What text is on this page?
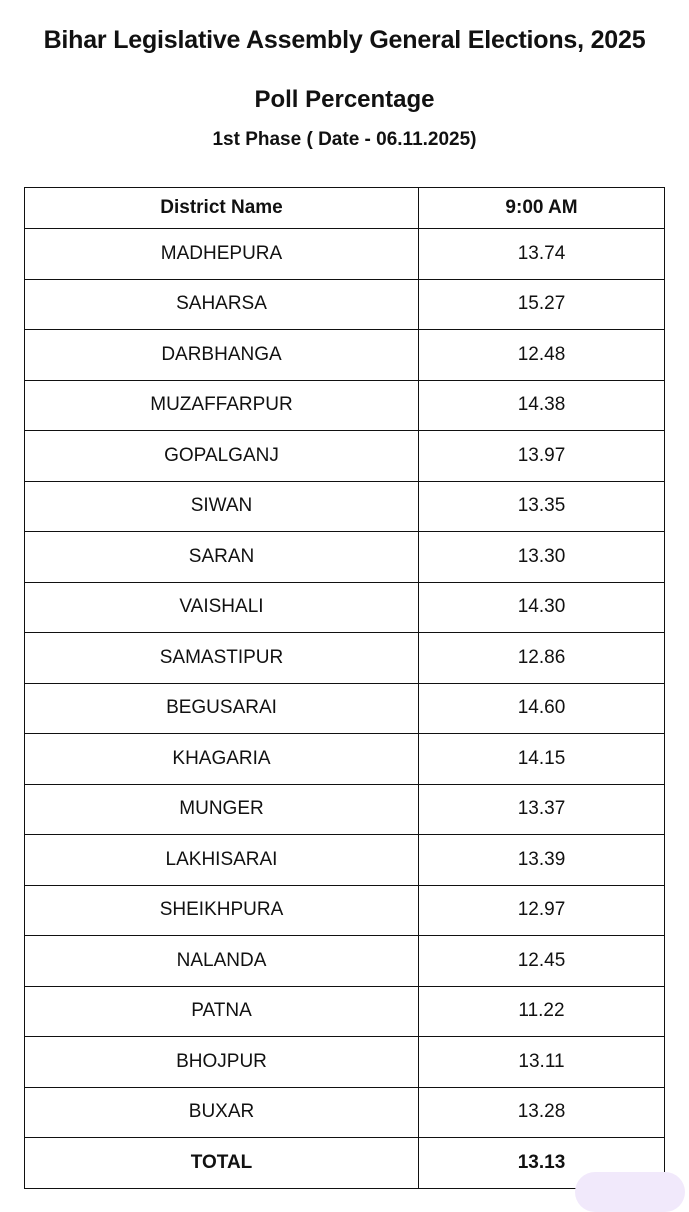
Bihar Legislative Assembly General Elections, 2025
Poll Percentage
1st Phase ( Date - 06.11.2025)
District Name	9:00 AM
MADHEPURA	13.74
SAHARSA	15.27
DARBHANGA	12.48
MUZAFFARPUR	14.38
GOPALGANJ	13.97
SIWAN	13.35
SARAN	13.30
VAISHALI	14.30
SAMASTIPUR	12.86
BEGUSARAI	14.60
KHAGARIA	14.15
MUNGER	13.37
LAKHISARAI	13.39
SHEIKHPURA	12.97
NALANDA	12.45
PATNA	11.22
BHOJPUR	13.11
BUXAR	13.28
TOTAL	13.13
